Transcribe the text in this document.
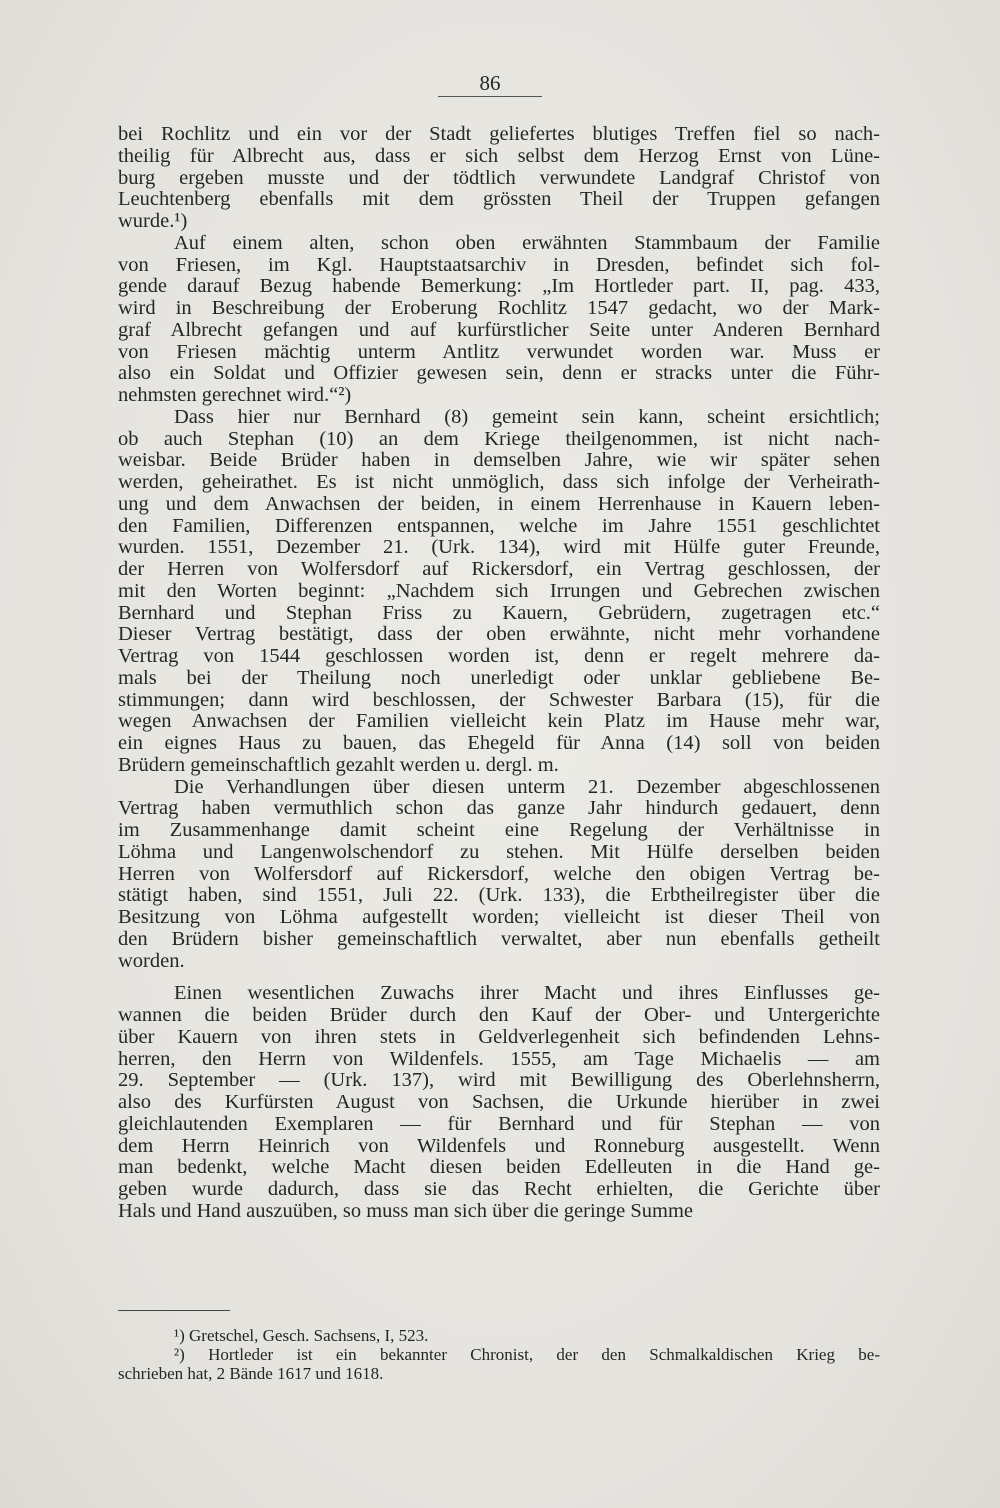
86
bei Rochlitz und ein vor der Stadt geliefertes blutiges Treffen fiel so nach-
theilig für Albrecht aus, dass er sich selbst dem Herzog Ernst von Lüne-
burg ergeben musste und der tödtlich verwundete Landgraf Christof von
Leuchtenberg ebenfalls mit dem grössten Theil der Truppen gefangen
wurde.¹)
Auf einem alten, schon oben erwähnten Stammbaum der Familie
von Friesen, im Kgl. Hauptstaatsarchiv in Dresden, befindet sich fol-
gende darauf Bezug habende Bemerkung: „Im Hortleder part. II, pag. 433,
wird in Beschreibung der Eroberung Rochlitz 1547 gedacht, wo der Mark-
graf Albrecht gefangen und auf kurfürstlicher Seite unter Anderen Bernhard
von Friesen mächtig unterm Antlitz verwundet worden war. Muss er
also ein Soldat und Offizier gewesen sein, denn er stracks unter die Führ-
nehmsten gerechnet wird.“²)
Dass hier nur Bernhard (8) gemeint sein kann, scheint ersichtlich;
ob auch Stephan (10) an dem Kriege theilgenommen, ist nicht nach-
weisbar. Beide Brüder haben in demselben Jahre, wie wir später sehen
werden, geheirathet. Es ist nicht unmöglich, dass sich infolge der Verheirath-
ung und dem Anwachsen der beiden, in einem Herrenhause in Kauern leben-
den Familien, Differenzen entspannen, welche im Jahre 1551 geschlichtet
wurden. 1551, Dezember 21. (Urk. 134), wird mit Hülfe guter Freunde,
der Herren von Wolfersdorf auf Rickersdorf, ein Vertrag geschlossen, der
mit den Worten beginnt: „Nachdem sich Irrungen und Gebrechen zwischen
Bernhard und Stephan Friss zu Kauern, Gebrüdern, zugetragen etc.“
Dieser Vertrag bestätigt, dass der oben erwähnte, nicht mehr vorhandene
Vertrag von 1544 geschlossen worden ist, denn er regelt mehrere da-
mals bei der Theilung noch unerledigt oder unklar gebliebene Be-
stimmungen; dann wird beschlossen, der Schwester Barbara (15), für die
wegen Anwachsen der Familien vielleicht kein Platz im Hause mehr war,
ein eignes Haus zu bauen, das Ehegeld für Anna (14) soll von beiden
Brüdern gemeinschaftlich gezahlt werden u. dergl. m.
Die Verhandlungen über diesen unterm 21. Dezember abgeschlossenen
Vertrag haben vermuthlich schon das ganze Jahr hindurch gedauert, denn
im Zusammenhange damit scheint eine Regelung der Verhältnisse in
Löhma und Langenwolschendorf zu stehen. Mit Hülfe derselben beiden
Herren von Wolfersdorf auf Rickersdorf, welche den obigen Vertrag be-
stätigt haben, sind 1551, Juli 22. (Urk. 133), die Erbtheilregister über die
Besitzung von Löhma aufgestellt worden; vielleicht ist dieser Theil von
den Brüdern bisher gemeinschaftlich verwaltet, aber nun ebenfalls getheilt
worden.
Einen wesentlichen Zuwachs ihrer Macht und ihres Einflusses ge-
wannen die beiden Brüder durch den Kauf der Ober- und Untergerichte
über Kauern von ihren stets in Geldverlegenheit sich befindenden Lehns-
herren, den Herrn von Wildenfels. 1555, am Tage Michaelis — am
29. September — (Urk. 137), wird mit Bewilligung des Oberlehnsherrn,
also des Kurfürsten August von Sachsen, die Urkunde hierüber in zwei
gleichlautenden Exemplaren — für Bernhard und für Stephan — von
dem Herrn Heinrich von Wildenfels und Ronneburg ausgestellt. Wenn
man bedenkt, welche Macht diesen beiden Edelleuten in die Hand ge-
geben wurde dadurch, dass sie das Recht erhielten, die Gerichte über
Hals und Hand auszuüben, so muss man sich über die geringe Summe
¹) Gretschel, Gesch. Sachsens, I, 523.
²) Hortleder ist ein bekannter Chronist, der den Schmalkaldischen Krieg be-
schrieben hat, 2 Bände 1617 und 1618.
